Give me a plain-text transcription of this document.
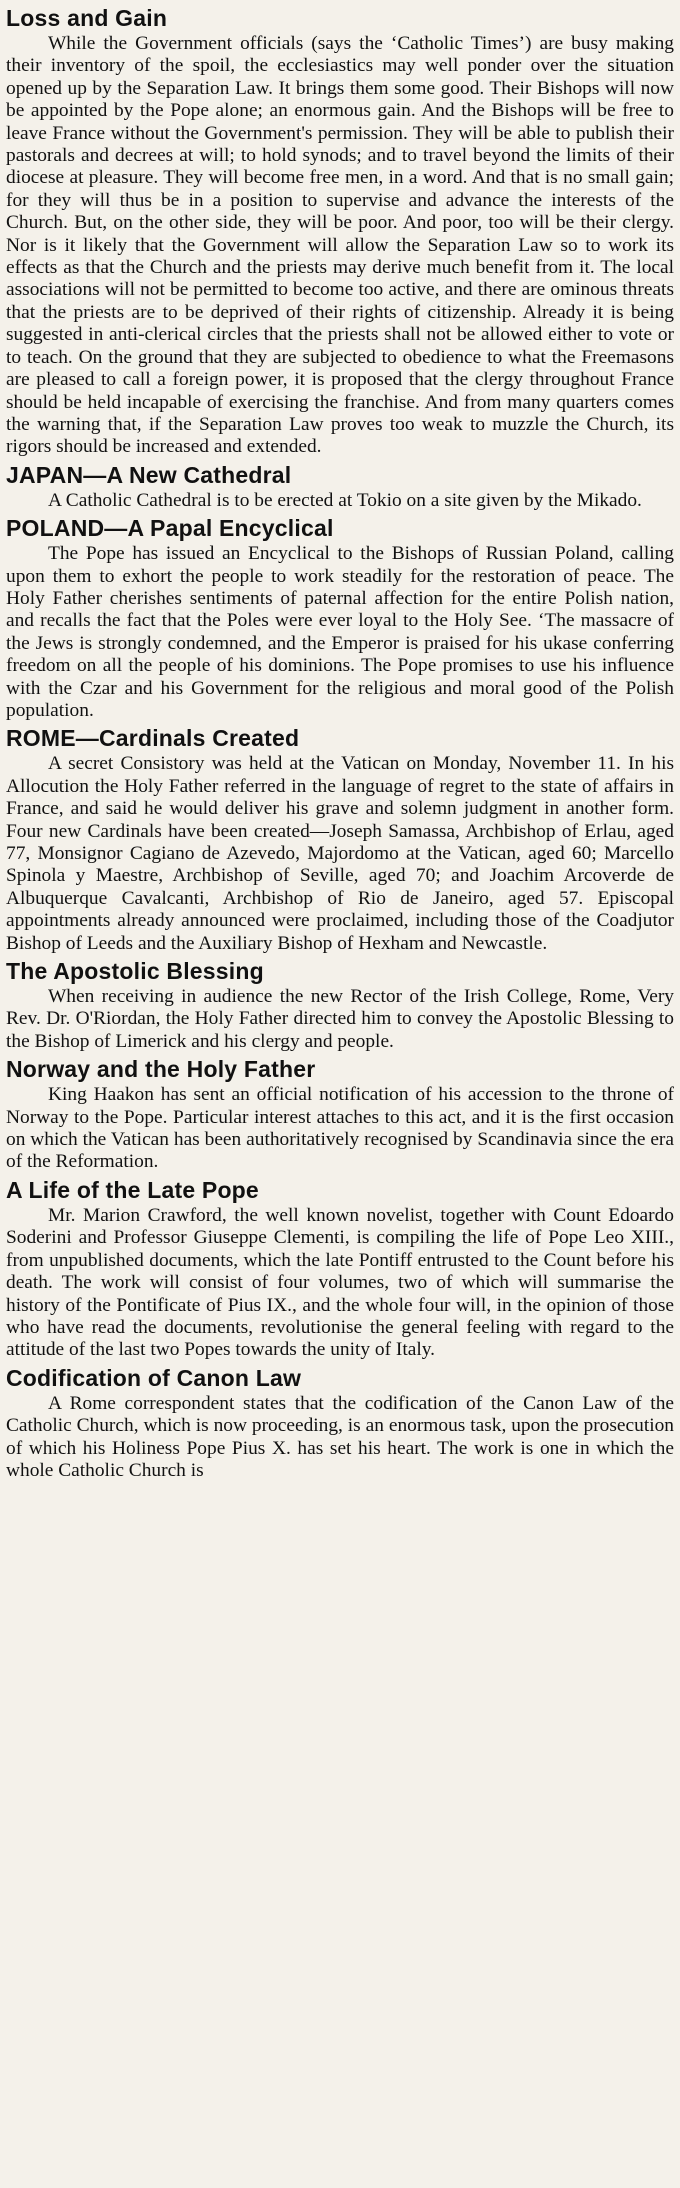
Loss and Gain

While the Government officials (says the ‘Catholic Times’) are busy making their inventory of the spoil, the ecclesiastics may well ponder over the situation opened up by the Separation Law. It brings them some good. Their Bishops will now be appointed by the Pope alone; an enormous gain. And the Bishops will be free to leave France without the Government's permission. They will be able to publish their pastorals and decrees at will; to hold synods; and to travel beyond the limits of their diocese at pleasure. They will become free men, in a word. And that is no small gain; for they will thus be in a position to supervise and advance the interests of the Church. But, on the other side, they will be poor. And poor, too will be their clergy. Nor is it likely that the Government will allow the Separation Law so to work its effects as that the Church and the priests may derive much benefit from it. The local associations will not be permitted to become too active, and there are ominous threats that the priests are to be deprived of their rights of citizenship. Already it is being suggested in anti-clerical circles that the priests shall not be allowed either to vote or to teach. On the ground that they are subjected to obedience to what the Freemasons are pleased to call a foreign power, it is proposed that the clergy throughout France should be held incapable of exercising the franchise. And from many quarters comes the warning that, if the Separation Law proves too weak to muzzle the Church, its rigors should be increased and extended.

JAPAN—A New Cathedral

A Catholic Cathedral is to be erected at Tokio on a site given by the Mikado.

POLAND—A Papal Encyclical

The Pope has issued an Encyclical to the Bishops of Russian Poland, calling upon them to exhort the people to work steadily for the restoration of peace. The Holy Father cherishes sentiments of paternal affection for the entire Polish nation, and recalls the fact that the Poles were ever loyal to the Holy See. ‘The massacre of the Jews is strongly condemned, and the Emperor is praised for his ukase conferring freedom on all the people of his dominions. The Pope promises to use his influence with the Czar and his Government for the religious and moral good of the Polish population.

ROME—Cardinals Created

A secret Consistory was held at the Vatican on Monday, November 11. In his Allocution the Holy Father referred in the language of regret to the state of affairs in France, and said he would deliver his grave and solemn judgment in another form. Four new Cardinals have been created—Joseph Samassa, Archbishop of Erlau, aged 77, Monsignor Cagiano de Azevedo, Majordomo at the Vatican, aged 60; Marcello Spinola y Maestre, Archbishop of Seville, aged 70; and Joachim Arcoverde de Albuquerque Cavalcanti, Archbishop of Rio de Janeiro, aged 57. Episcopal appointments already announced were proclaimed, including those of the Coadjutor Bishop of Leeds and the Auxiliary Bishop of Hexham and Newcastle.

The Apostolic Blessing

When receiving in audience the new Rector of the Irish College, Rome, Very Rev. Dr. O'Riordan, the Holy Father directed him to convey the Apostolic Blessing to the Bishop of Limerick and his clergy and people.

Norway and the Holy Father

King Haakon has sent an official notification of his accession to the throne of Norway to the Pope. Particular interest attaches to this act, and it is the first occasion on which the Vatican has been authoritatively recognised by Scandinavia since the era of the Reformation.

A Life of the Late Pope

Mr. Marion Crawford, the well known novelist, together with Count Edoardo Soderini and Professor Giuseppe Clementi, is compiling the life of Pope Leo XIII., from unpublished documents, which the late Pontiff entrusted to the Count before his death. The work will consist of four volumes, two of which will summarise the history of the Pontificate of Pius IX., and the whole four will, in the opinion of those who have read the documents, revolutionise the general feeling with regard to the attitude of the last two Popes towards the unity of Italy.

Codification of Canon Law

A Rome correspondent states that the codification of the Canon Law of the Catholic Church, which is now proceeding, is an enormous task, upon the prosecution of which his Holiness Pope Pius X. has set his heart. The work is one in which the whole Catholic Church is
